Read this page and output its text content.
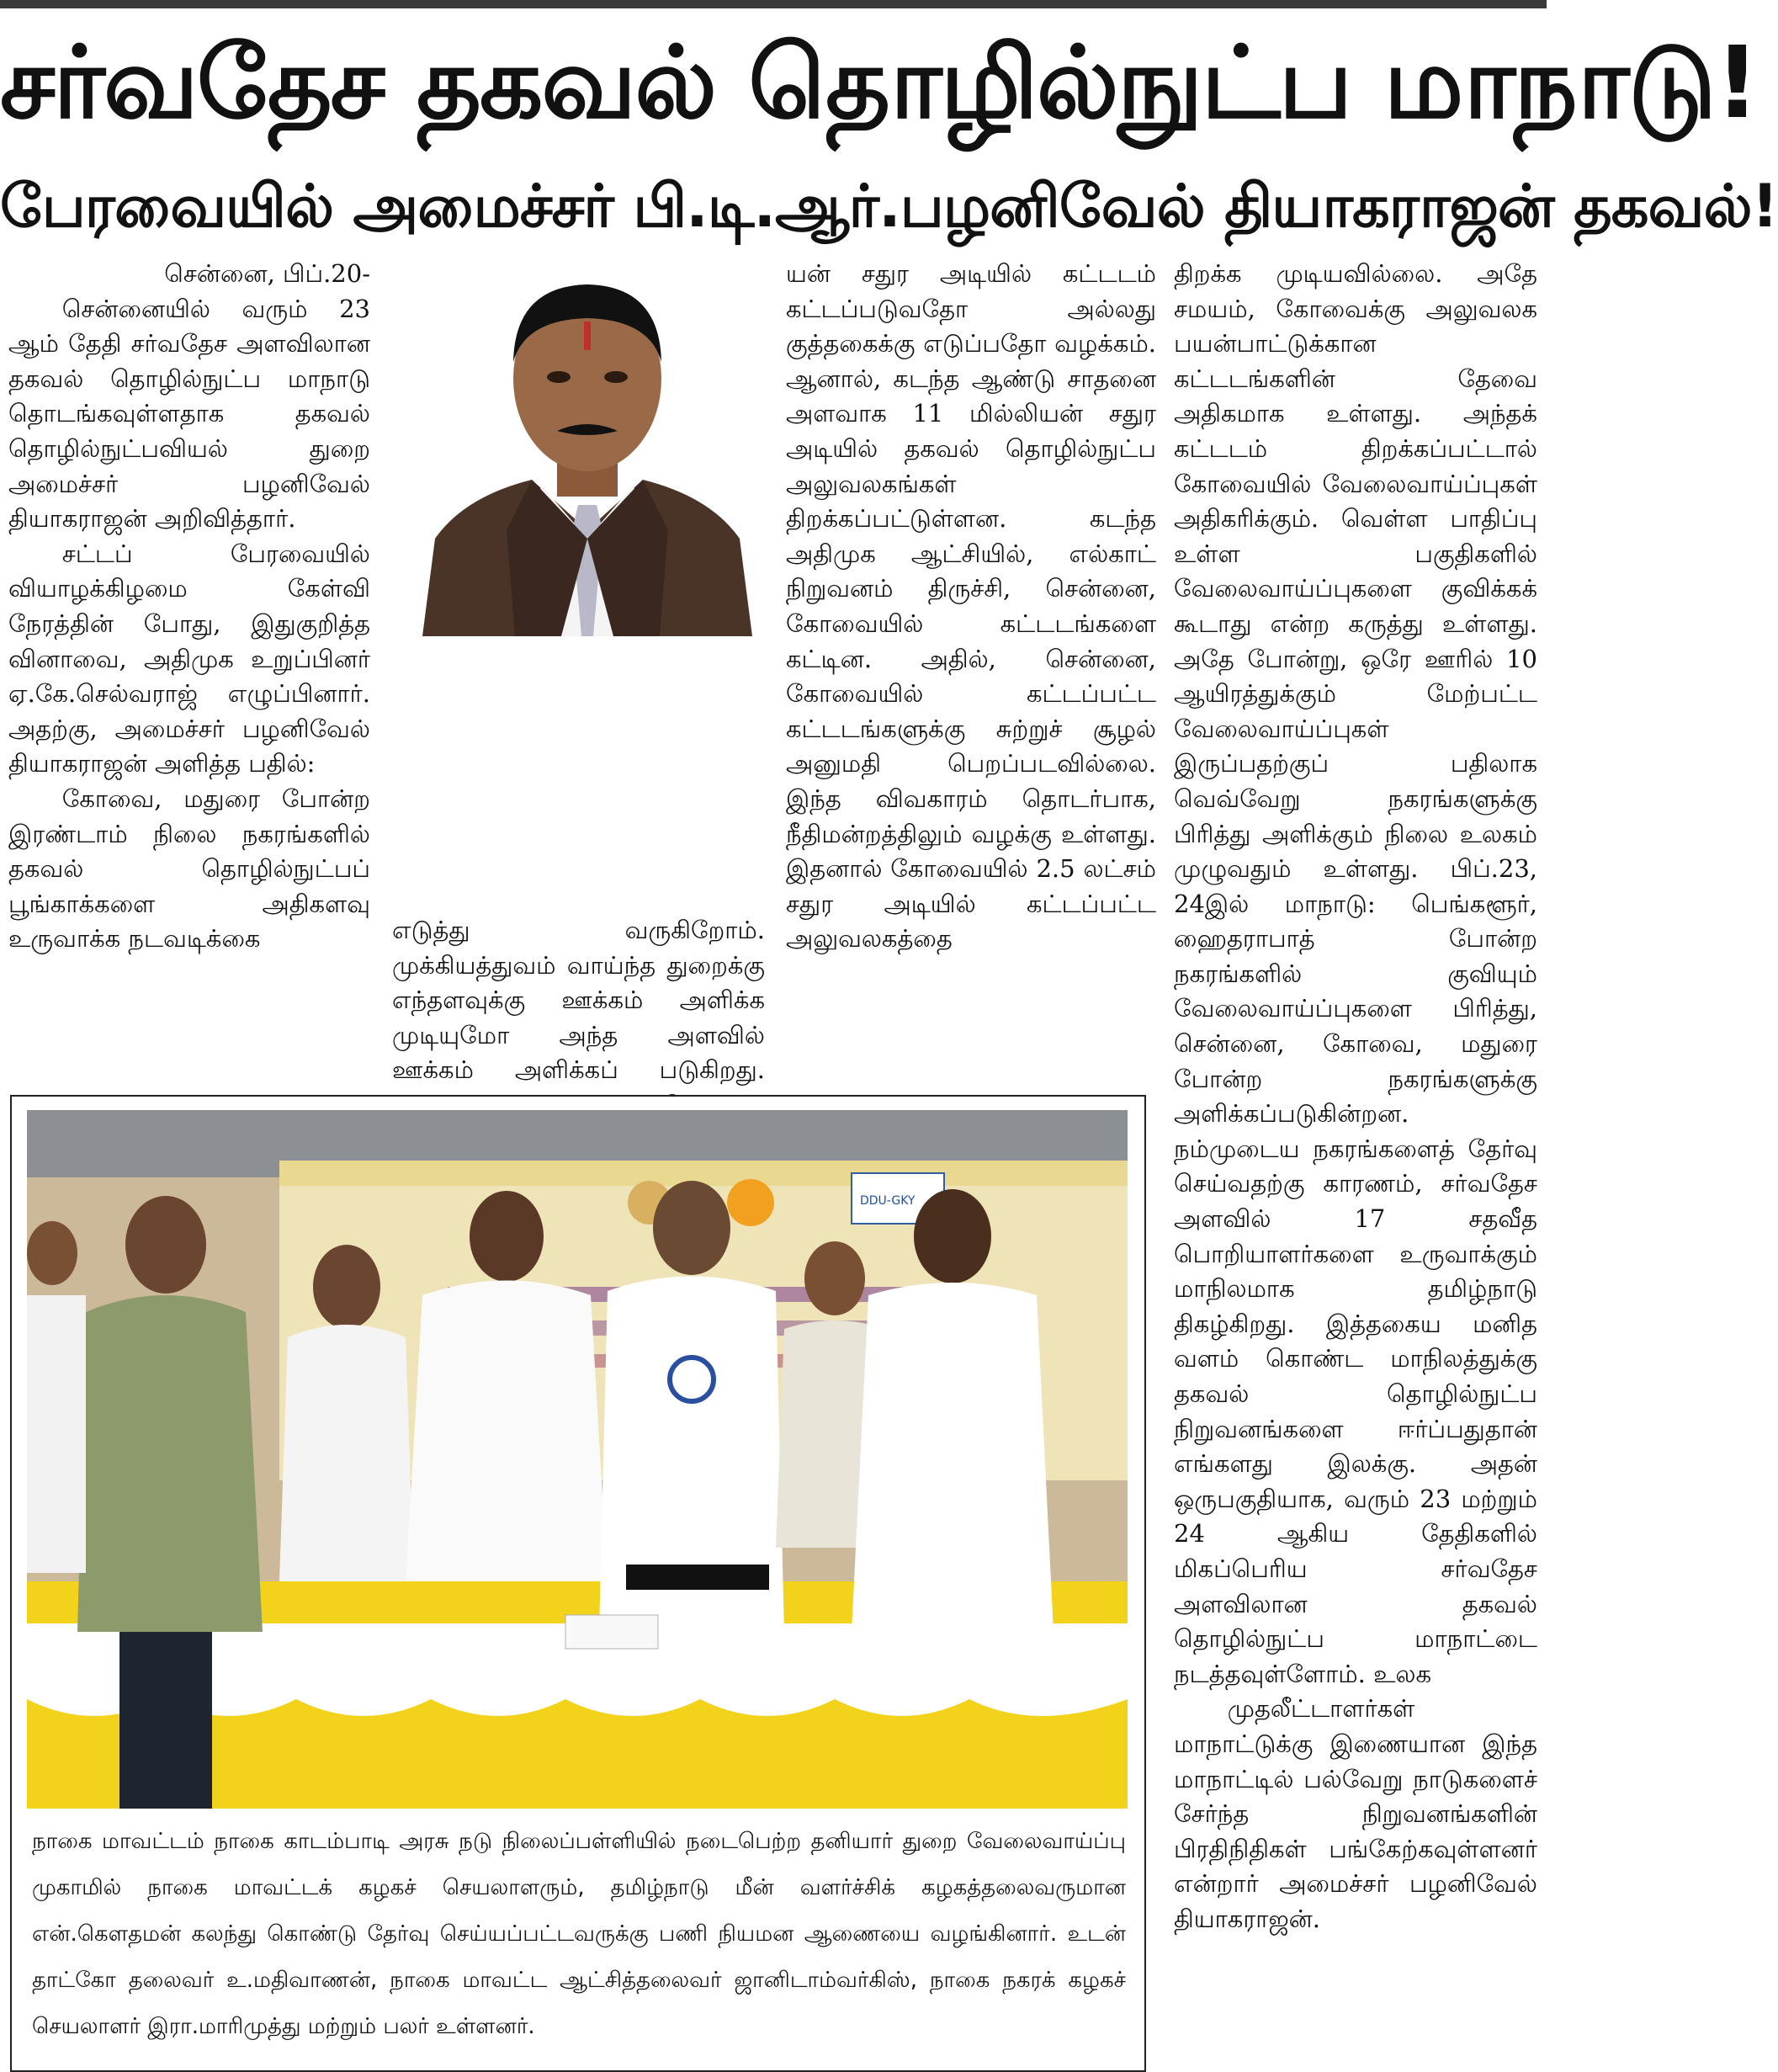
சர்வதேச தகவல் தொழில்நுட்ப மாநாடு!
பேரவையில் அமைச்சர் பி.டி.ஆர்.பழனிவேல் தியாகராஜன் தகவல்!

சென்னை, பிப்.20-

சென்னையில் வரும் 23 ஆம் தேதி சர்வதேச அளவிலான தகவல் தொழில்நுட்ப மாநாடு தொடங்கவுள்ளதாக தகவல் தொழில்நுட்பவியல் துறை அமைச்சர் பழனிவேல் தியாகராஜன் அறிவித்தார்.

சட்டப் பேரவையில் வியாழக்கிழமை கேள்வி நேரத்தின் போது, இதுகுறித்த வினாவை, அதிமுக உறுப்பினர் ஏ.கே.செல்வராஜ் எழுப்பினார். அதற்கு, அமைச்சர் பழனிவேல் தியாகராஜன் அளித்த பதில்:

கோவை, மதுரை போன்ற இரண்டாம் நிலை நகரங்களில் தகவல் தொழில்நுட்பப் பூங்காக்களை அதிகளவு உருவாக்க நடவடிக்கை	எடுத்து வருகிறோம். முக்கியத்துவம் வாய்ந்த துறைக்கு எந்தளவுக்கு ஊக்கம் அளிக்க முடியுமோ அந்த அளவில் ஊக்கம் அளிக்கப் படுகிறது.

யன் சதுர அடியில் கட்டடம் கட்டப்படுவதோ அல்லது குத்தகைக்கு எடுப்பதோ வழக்கம். ஆனால், கடந்த ஆண்டு சாதனை அளவாக 11 மில்லியன் சதுர அடியில் தகவல் தொழில்நுட்ப அலுவலகங்கள் திறக்கப்பட்டுள்ளன. கடந்த அதிமுக ஆட்சியில், எல்காட் நிறுவனம் திருச்சி, சென்னை, கோவையில் கட்டடங்களை கட்டின. அதில், சென்னை, கோவையில் கட்டப்பட்ட கட்டடங்களுக்கு சுற்றுச் சூழல் அனுமதி பெறப்படவில்லை. இந்த விவகாரம் தொடர்பாக, நீதிமன்றத்திலும் வழக்கு உள்ளது. இதனால் கோவையில் 2.5 லட்சம் சதுர அடியில் கட்டப்பட்ட அலுவலகத்தை

திறக்க முடியவில்லை. அதே சமயம், கோவைக்கு அலுவலக பயன்பாட்டுக்கான கட்டடங்களின் தேவை அதிகமாக உள்ளது. அந்தக் கட்டடம் திறக்கப்பட்டால் கோவையில் வேலைவாய்ப்புகள் அதிகரிக்கும். வெள்ள பாதிப்பு உள்ள பகுதிகளில் வேலைவாய்ப்புகளை குவிக்கக் கூடாது என்ற கருத்து உள்ளது. அதே போன்று, ஒரே ஊரில் 10 ஆயிரத்துக்கும் மேற்பட்ட வேலைவாய்ப்புகள் இருப்பதற்குப் பதிலாக வெவ்வேறு நகரங்களுக்கு பிரித்து அளிக்கும் நிலை உலகம் முழுவதும் உள்ளது. பிப்.23, 24இல் மாநாடு: பெங்களூர், ஹைதராபாத் போன்ற நகரங்களில் குவியும் வேலைவாய்ப்புகளை பிரித்து, சென்னை, கோவை, மதுரை போன்ற நகரங்களுக்கு அளிக்கப்படுகின்றன. நம்முடைய நகரங்களைத் தேர்வு செய்வதற்கு காரணம், சர்வதேச அளவில் 17 சதவீத பொறியாளர்களை உருவாக்கும் மாநிலமாக தமிழ்நாடு திகழ்கிறது. இத்தகைய மனித வளம் கொண்ட மாநிலத்துக்கு தகவல் தொழில்நுட்ப நிறுவனங்களை ஈர்ப்பதுதான் எங்களது இலக்கு. அதன் ஒருபகுதியாக, வரும் 23 மற்றும் 24 ஆகிய தேதிகளில் மிகப்பெரிய சர்வதேச அளவிலான தகவல் தொழில்நுட்ப மாநாட்டை நடத்தவுள்ளோம். உலக

முதலீட்டாளர்கள் மாநாட்டுக்கு இணையான இந்த மாநாட்டில் பல்வேறு நாடுகளைச் சேர்ந்த நிறுவனங்களின் பிரதிநிதிகள் பங்கேற்கவுள்ளனர் என்றார் அமைச்சர் பழனிவேல் தியாகராஜன்.

DDU-GKY
நாகை மாவட்டம் நாகை காடம்பாடி அரசு நடு நிலைப்பள்ளியில் நடைபெற்ற தனியார் துறை வேலைவாய்ப்பு முகாமில் நாகை மாவட்டக் கழகச் செயலாளரும், தமிழ்நாடு மீன் வளர்ச்சிக் கழகத்தலைவருமான என்.கௌதமன் கலந்து கொண்டு தேர்வு செய்யப்பட்டவருக்கு பணி நியமன ஆணையை வழங்கினார். உடன் தாட்கோ தலைவர் உ.மதிவாணன், நாகை மாவட்ட ஆட்சித்தலைவர் ஜானிடாம்வர்கிஸ், நாகை நகரக் கழகச் செயலாளர் இரா.மாரிமுத்து மற்றும் பலர் உள்ளனர்.
